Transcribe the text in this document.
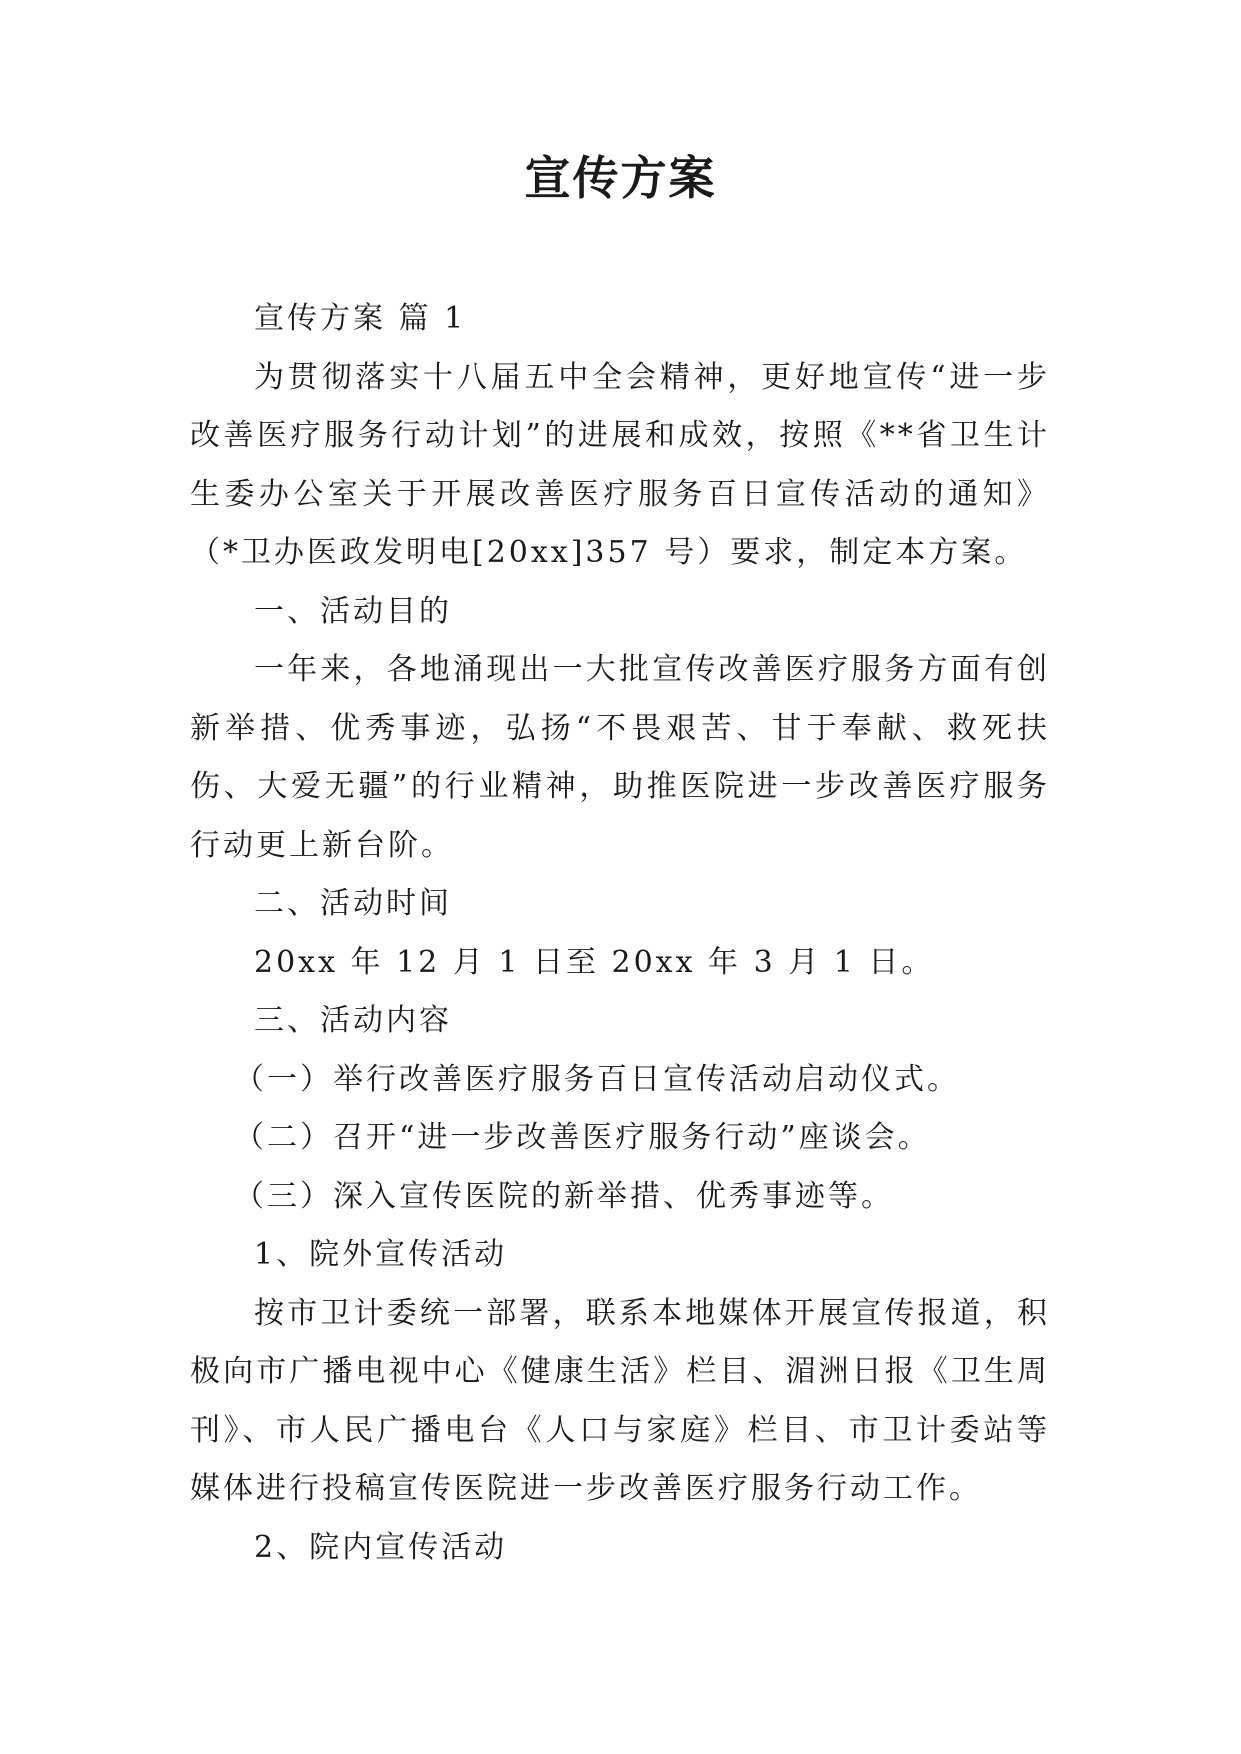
宣传方案

宣传方案 篇 1

为贯彻落实十八届五中全会精神，更好地宣传“进一步改善医疗服务行动计划”的进展和成效，按照《**省卫生计生委办公室关于开展改善医疗服务百日宣传活动的通知》（*卫办医政发明电[20xx]357 号）要求，制定本方案。

一、活动目的

一年来，各地涌现出一大批宣传改善医疗服务方面有创新举措、优秀事迹，弘扬“不畏艰苦、甘于奉献、救死扶伤、大爱无疆”的行业精神，助推医院进一步改善医疗服务行动更上新台阶。

二、活动时间

20xx 年 12 月 1 日至 20xx 年 3 月 1 日。

三、活动内容

（一）举行改善医疗服务百日宣传活动启动仪式。

（二）召开“进一步改善医疗服务行动”座谈会。

（三）深入宣传医院的新举措、优秀事迹等。

1、院外宣传活动

按市卫计委统一部署，联系本地媒体开展宣传报道，积极向市广播电视中心《健康生活》栏目、湄洲日报《卫生周刊》、市人民广播电台《人口与家庭》栏目、市卫计委站等媒体进行投稿宣传医院进一步改善医疗服务行动工作。

2、院内宣传活动
